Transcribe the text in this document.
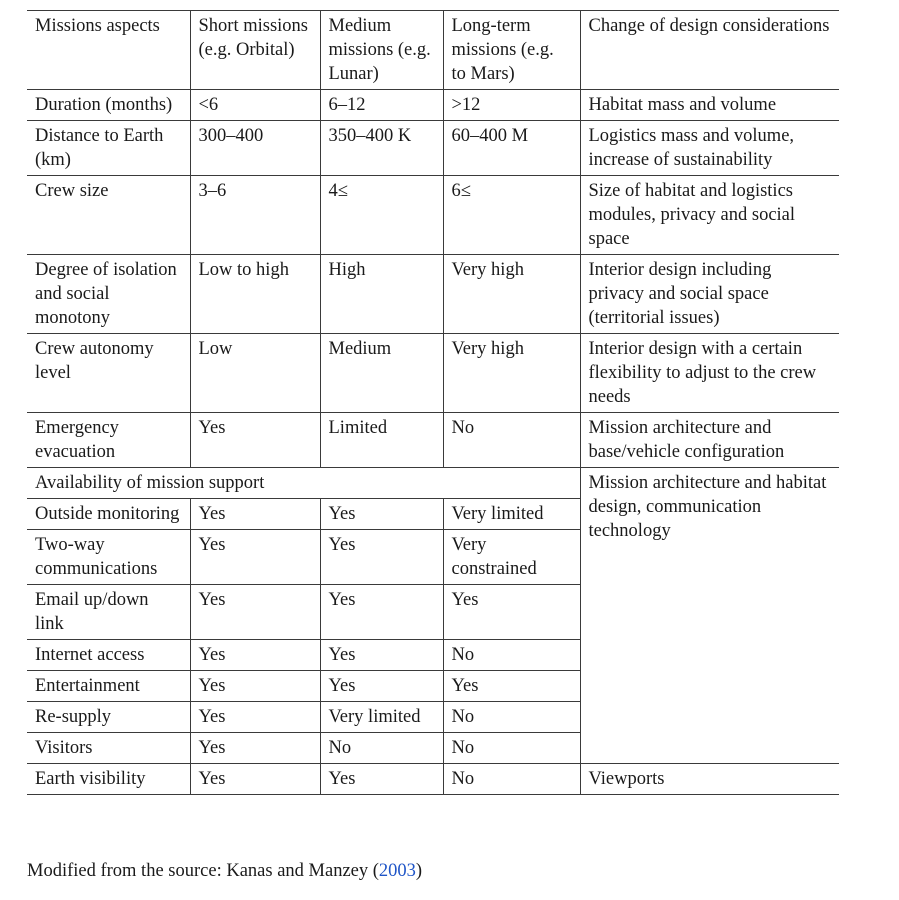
Missions aspects	Short missions (e.g. Orbital)	Medium missions (e.g. Lunar)	Long-term missions (e.g. to Mars)	Change of design considerations
Duration (months)	<6	6–12	>12	Habitat mass and volume
Distance to Earth (km)	300–400	350–400 K	60–400 M	Logistics mass and volume, increase of sustainability
Crew size	3–6	4≤	6≤	Size of habitat and logistics modules, privacy and social space
Degree of isolation and social monotony	Low to high	High	Very high	Interior design including privacy and social space (territorial issues)
Crew autonomy level	Low	Medium	Very high	Interior design with a certain flexibility to adjust to the crew needs
Emergency evacuation	Yes	Limited	No	Mission architecture and base/vehicle configuration
Availability of mission support				Mission architecture and habitat design, communication technology
Outside monitoring	Yes	Yes	Very limited	
Two-way communications	Yes	Yes	Very constrained	
Email up/down link	Yes	Yes	Yes	
Internet access	Yes	Yes	No	
Entertainment	Yes	Yes	Yes	
Re-supply	Yes	Very limited	No	
Visitors	Yes	No	No	
Earth visibility	Yes	Yes	No	Viewports
Modified from the source: Kanas and Manzey (2003)
